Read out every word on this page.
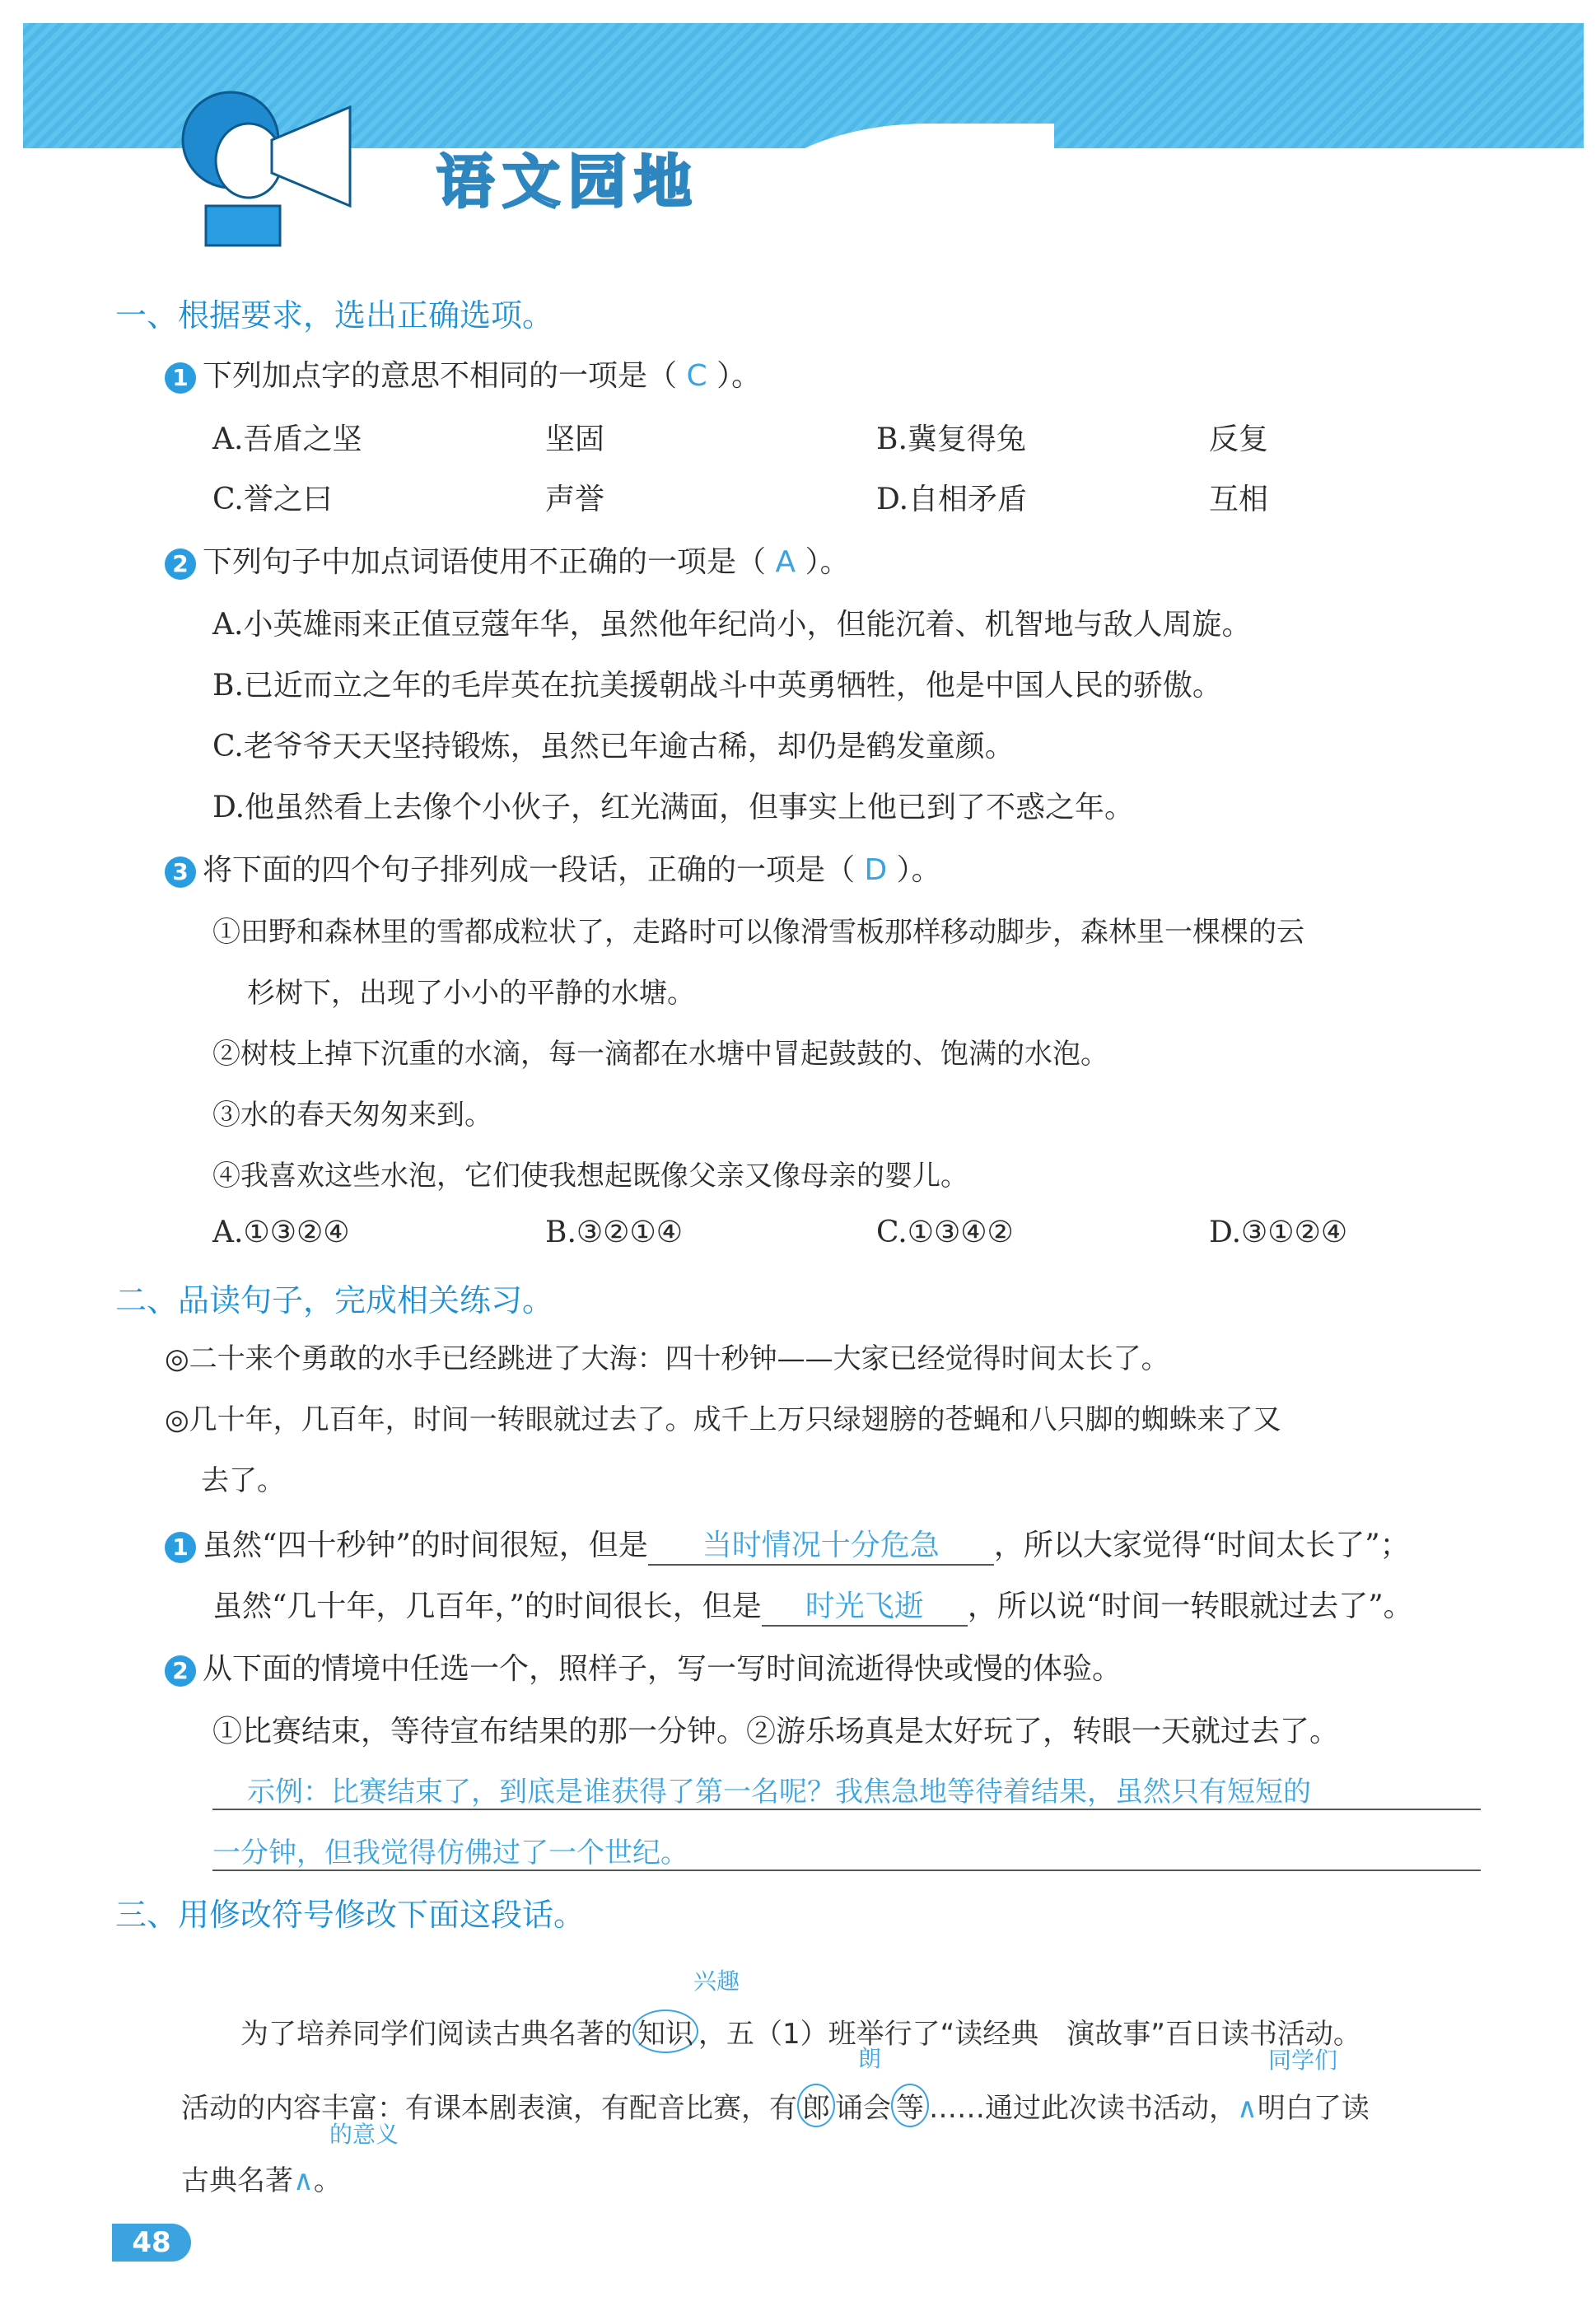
语文园地
一、根据要求，选出正确选项。
1 下列加点字的意思不相同的一项是（ C ）。
A.吾盾之坚	坚固	B.冀复得兔	反复
C.誉之曰	声誉	D.自相矛盾	互相
2 下列句子中加点词语使用不正确的一项是（ A ）。
A.小英雄雨来正值豆蔻年华，虽然他年纪尚小，但能沉着、机智地与敌人周旋。
B.已近而立之年的毛岸英在抗美援朝战斗中英勇牺牲，他是中国人民的骄傲。
C.老爷爷天天坚持锻炼，虽然已年逾古稀，却仍是鹤发童颜。
D.他虽然看上去像个小伙子，红光满面，但事实上他已到了不惑之年。
3 将下面的四个句子排列成一段话，正确的一项是（ D ）。
①田野和森林里的雪都成粒状了，走路时可以像滑雪板那样移动脚步，森林里一棵棵的云
杉树下，出现了小小的平静的水塘。
②树枝上掉下沉重的水滴，每一滴都在水塘中冒起鼓鼓的、饱满的水泡。
③水的春天匆匆来到。
④我喜欢这些水泡，它们使我想起既像父亲又像母亲的婴儿。
A.①③②④	B.③②①④	C.①③④②	D.③①②④
二、品读句子，完成相关练习。
◎二十来个勇敢的水手已经跳进了大海：四十秒钟——大家已经觉得时间太长了。
◎几十年，几百年，时间一转眼就过去了。成千上万只绿翅膀的苍蝇和八只脚的蜘蛛来了又
去了。
1 虽然“四十秒钟”的时间很短，但是 当时情况十分危急 ，所以大家觉得“时间太长了”；
虽然“几十年，几百年，”的时间很长，但是 时光飞逝 ，所以说“时间一转眼就过去了”。
2 从下面的情境中任选一个，照样子，写一写时间流逝得快或慢的体验。
①比赛结束，等待宣布结果的那一分钟。②游乐场真是太好玩了，转眼一天就过去了。
示例：比赛结束了，到底是谁获得了第一名呢？我焦急地等待着结果，虽然只有短短的
一分钟，但我觉得仿佛过了一个世纪。
三、用修改符号修改下面这段话。
兴趣
为了培养同学们阅读古典名著的 知识 ，五（1）班举行了“读经典　演故事”百日读书活动。
朗	同学们
活动的内容丰富：有课本剧表演，有配音比赛，有 郎 诵会 等 ……通过此次读书活动，∧明白了读
的意义
古典名著∧。
48
